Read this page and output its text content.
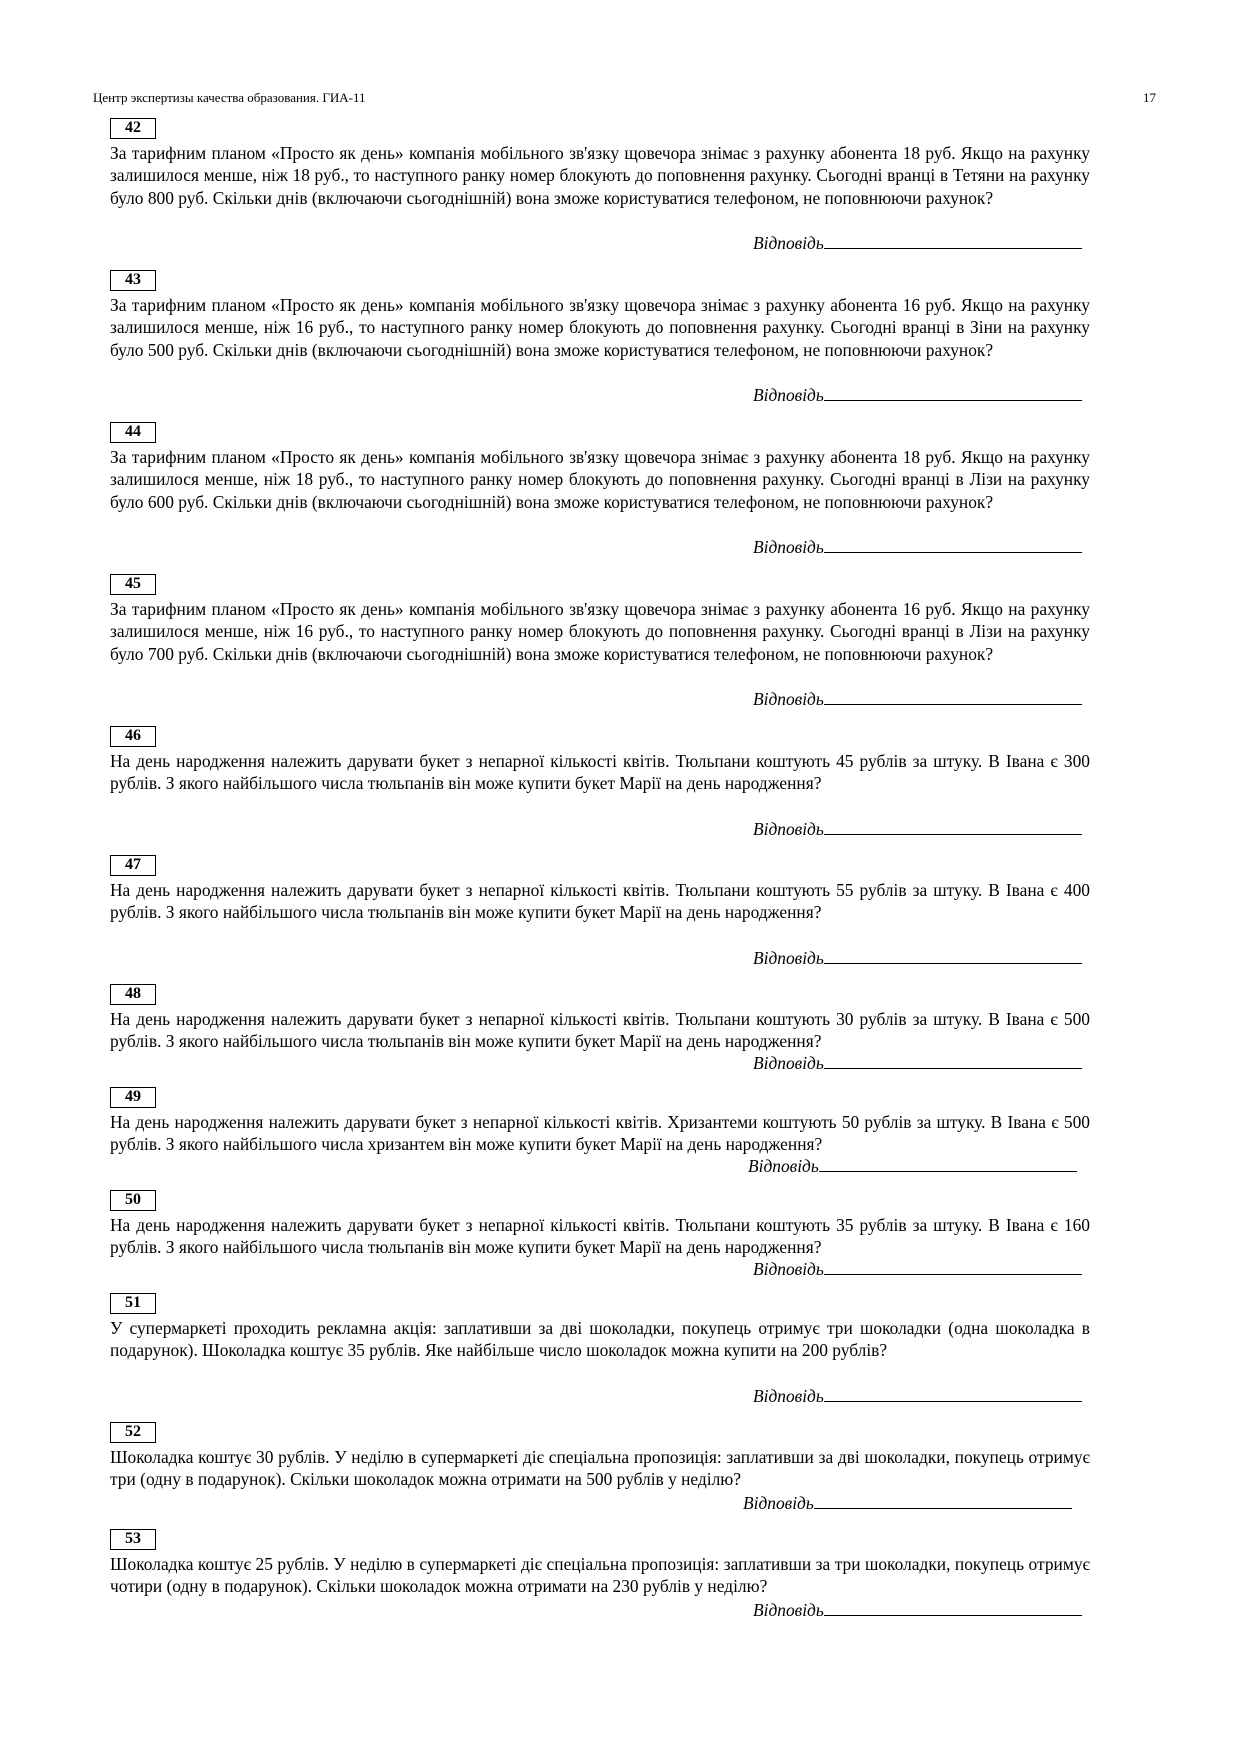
Центр экспертизы качества образования. ГИА-11	17
42
За тарифним планом «Просто як день» компанія мобільного зв'язку щовечора знімає з рахунку абонента 18 руб. Якщо на рахунку залишилося менше, ніж 18 руб., то наступного ранку номер блокують до поповнення рахунку. Сьогодні вранці в Тетяни на рахунку було 800 руб. Скільки днів (включаючи сьогоднішній) вона зможе користуватися телефоном, не поповнюючи рахунок?
Відповідь
43
За тарифним планом «Просто як день» компанія мобільного зв'язку щовечора знімає з рахунку абонента 16 руб. Якщо на рахунку залишилося менше, ніж 16 руб., то наступного ранку номер блокують до поповнення рахунку. Сьогодні вранці в Зіни на рахунку було 500 руб. Скільки днів (включаючи сьогоднішній) вона зможе користуватися телефоном, не поповнюючи рахунок?
Відповідь
44
За тарифним планом «Просто як день» компанія мобільного зв'язку щовечора знімає з рахунку абонента 18 руб. Якщо на рахунку залишилося менше, ніж 18 руб., то наступного ранку номер блокують до поповнення рахунку. Сьогодні вранці в Лізи на рахунку було 600 руб. Скільки днів (включаючи сьогоднішній) вона зможе користуватися телефоном, не поповнюючи рахунок?
Відповідь
45
За тарифним планом «Просто як день» компанія мобільного зв'язку щовечора знімає з рахунку абонента 16 руб. Якщо на рахунку залишилося менше, ніж 16 руб., то наступного ранку номер блокують до поповнення рахунку. Сьогодні вранці в Лізи на рахунку було 700 руб. Скільки днів (включаючи сьогоднішній) вона зможе користуватися телефоном, не поповнюючи рахунок?
Відповідь
46
На день народження належить дарувати букет з непарної кількості квітів. Тюльпани коштують 45 рублів за штуку. В Івана є 300 рублів. З якого найбільшого числа тюльпанів він може купити букет Марії на день народження?
Відповідь
47
На день народження належить дарувати букет з непарної кількості квітів. Тюльпани коштують 55 рублів за штуку. В Івана є 400 рублів. З якого найбільшого числа тюльпанів він може купити букет Марії на день народження?
Відповідь
48
На день народження належить дарувати букет з непарної кількості квітів. Тюльпани коштують 30 рублів за штуку. В Івана є 500 рублів. З якого найбільшого числа тюльпанів він може купити букет Марії на день народження?
Відповідь
49
На день народження належить дарувати букет з непарної кількості квітів. Хризантеми коштують 50 рублів за штуку. В Івана є 500 рублів. З якого найбільшого числа хризантем він може купити букет Марії на день народження?
Відповідь
50
На день народження належить дарувати букет з непарної кількості квітів. Тюльпани коштують 35 рублів за штуку. В Івана є 160 рублів. З якого найбільшого числа тюльпанів він може купити букет Марії на день народження?
Відповідь
51
У супермаркеті проходить рекламна акція: заплативши за дві шоколадки, покупець отримує три шоколадки (одна шоколадка в подарунок). Шоколадка коштує 35 рублів. Яке найбільше число шоколадок можна купити на 200 рублів?
Відповідь
52
Шоколадка коштує 30 рублів. У неділю в супермаркеті діє спеціальна пропозиція: заплативши за дві шоколадки, покупець отримує три (одну в подарунок). Скільки шоколадок можна отримати на 500 рублів у неділю?
Відповідь
53
Шоколадка коштує 25 рублів. У неділю в супермаркеті діє спеціальна пропозиція: заплативши за три шоколадки, покупець отримує чотири (одну в подарунок). Скільки шоколадок можна отримати на 230 рублів у неділю?
Відповідь
